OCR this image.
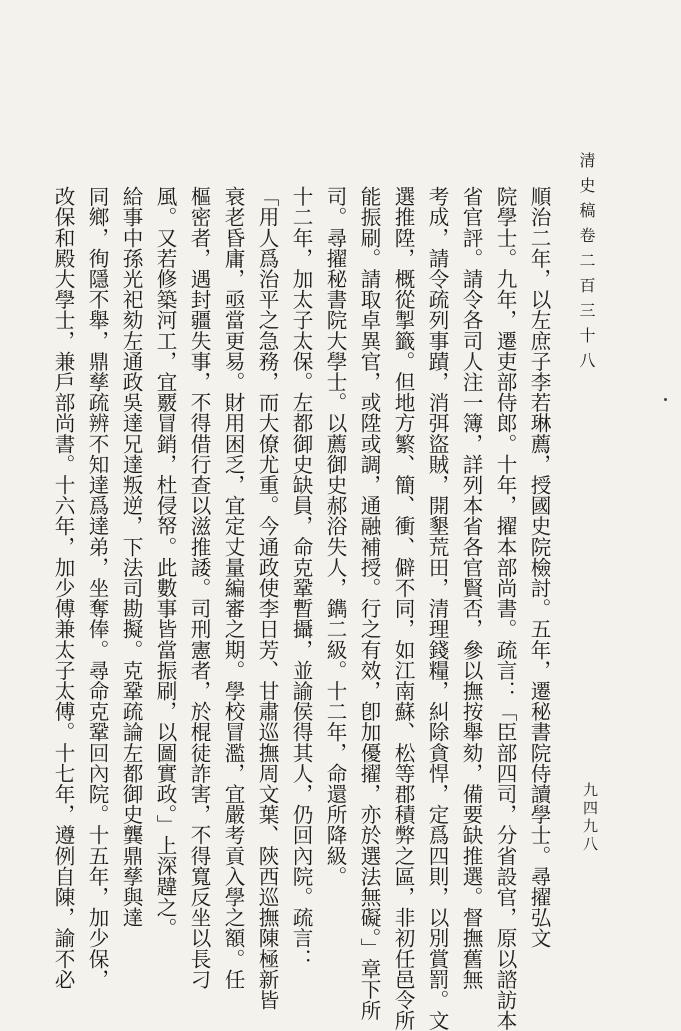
清史稿卷二百三十八
九四九八
順治二年，以左庶子李若琳薦，授國史院檢討。五年，遷秘書院侍讀學士。尋擢弘文
院學士。九年，遷吏部侍郎。十年，擢本部尚書。疏言：「臣部四司，分省設官，原以諮訪本
省官評。請令各司人注一簿，詳列本省各官賢否，參以撫按舉劾，備要缺推選。督撫舊無
考成，請令疏列事蹟，消弭盜賊，開墾荒田，清理錢糧，糾除貪悍，定爲四則，以別賞罰。文
選推陞，概從掣籤。但地方繁、簡、衝、僻不同，如江南蘇、松等郡積弊之區，非初任邑令所
能振刷。請取卓異官，或陞或調，通融補授。行之有效，卽加優擢，亦於選法無礙。」章下所
司。尋擢秘書院大學士。以薦御史郝浴失人，鐫二級。十二年，命還所降級。
十二年，加太子太保。左都御史缺員，命克鞏暫攝，並諭侯得其人，仍回內院。疏言：
「用人爲治平之急務，而大僚尤重。今通政使李日芳、甘肅巡撫周文葉、陝西巡撫陳極新皆
衰老昏庸，亟當更易。財用困乏，宜定丈量編審之期。學校冒濫，宜嚴考貢入學之額。任
樞密者，遇封疆失事，不得借行查以滋推諉。司刑憲者，於棍徒詐害，不得寬反坐以長刁
風。又若修築河工，宜覈冒銷，杜侵帑。此數事皆當振刷，以圖實政。」上深韙之。
給事中孫光祀劾左通政吳達兄達叛逆，下法司勘擬。克鞏疏論左都御史龔鼎孳與達
同鄉，徇隱不舉，鼎孳疏辨不知達爲達弟，坐奪俸。尋命克鞏回內院。十五年，加少保，
改保和殿大學士，兼戶部尚書。十六年，加少傅兼太子太傅。十七年，遵例自陳，諭不必
